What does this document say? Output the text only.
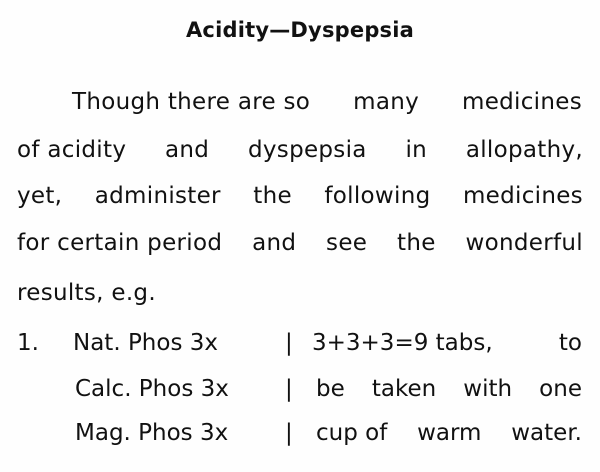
Acidity—Dyspepsia
Though there are so many medicines
of acidity and dyspepsia in allopathy,
yet, administer the following medicines
for certain period and see the wonderful
results, e.g.
1. Nat. Phos 3x
Calc. Phos 3x
Mag. Phos 3x
|
|
|
3+3+3=9 tabs,	to
be taken with one
cup of warm water.
